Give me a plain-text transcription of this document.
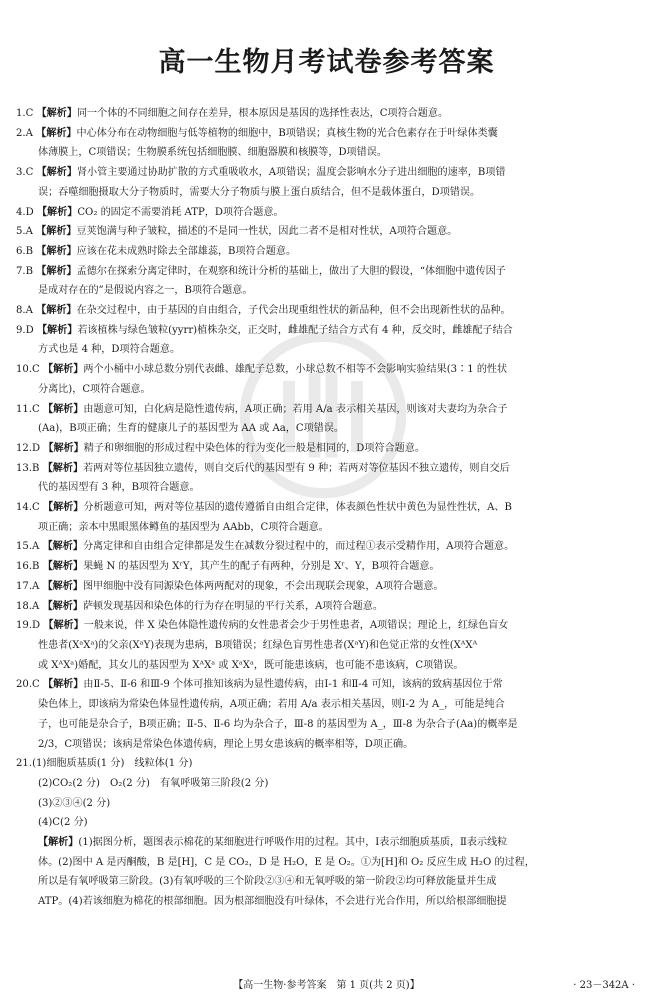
高一生物月考试卷参考答案
1.C 【解析】同一个体的不同细胞之间存在差异，根本原因是基因的选择性表达，C项符合题意。
2.A 【解析】中心体分布在动物细胞与低等植物的细胞中，B项错误；真核生物的光合色素存在于叶绿体类囊
体薄膜上，C项错误；生物膜系统包括细胞膜、细胞器膜和核膜等，D项错误。
3.C 【解析】肾小管主要通过协助扩散的方式重吸收水，A项错误；温度会影响水分子进出细胞的速率，B项错
误；吞噬细胞摄取大分子物质时，需要大分子物质与膜上蛋白质结合，但不是载体蛋白，D项错误。
4.D 【解析】CO₂ 的固定不需要消耗 ATP，D项符合题意。
5.A 【解析】豆荚饱满与种子皱粒，描述的不是同一性状，因此二者不是相对性状，A项符合题意。
6.B 【解析】应该在花未成熟时除去全部雄蕊，B项符合题意。
7.B 【解析】孟德尔在探索分离定律时，在观察和统计分析的基础上，做出了大胆的假设，“体细胞中遗传因子
是成对存在的”是假说内容之一，B项符合题意。
8.A 【解析】在杂交过程中，由于基因的自由组合，子代会出现重组性状的新品种，但不会出现新性状的品种。
9.D 【解析】若该植株与绿色皱粒(yyrr)植株杂交，正交时，雌雄配子结合方式有 4 种，反交时，雌雄配子结合
方式也是 4 种，D项符合题意。
10.C 【解析】两个小桶中小球总数分别代表雌、雄配子总数，小球总数不相等不会影响实验结果(3∶1 的性状
分离比)，C项符合题意。
11.C 【解析】由题意可知，白化病是隐性遗传病，A项正确；若用 A/a 表示相关基因，则该对夫妻均为杂合子
(Aa)，B项正确；生育的健康儿子的基因型为 AA 或 Aa，C项错误。
12.D 【解析】精子和卵细胞的形成过程中染色体的行为变化一般是相同的，D项符合题意。
13.B 【解析】若两对等位基因独立遗传，则自交后代的基因型有 9 种；若两对等位基因不独立遗传，则自交后
代的基因型有 3 种，B项符合题意。
14.C 【解析】分析题意可知，两对等位基因的遗传遵循自由组合定律，体表颜色性状中黄色为显性性状，A、B
项正确；亲本中黑眼黑体鳟鱼的基因型为 AAbb，C项符合题意。
15.A 【解析】分离定律和自由组合定律都是发生在减数分裂过程中的，而过程①表示受精作用，A项符合题意。
16.B 【解析】果蝇 N 的基因型为 XʳY，其产生的配子有两种，分别是 Xʳ、Y，B项符合题意。
17.A 【解析】图甲细胞中没有同源染色体两两配对的现象，不会出现联会现象，A项符合题意。
18.A 【解析】萨顿发现基因和染色体的行为存在明显的平行关系，A项符合题意。
19.D 【解析】一般来说，伴 X 染色体隐性遗传病的女性患者会少于男性患者，A项错误；理论上，红绿色盲女
性患者(XᵃXᵃ)的父亲(XᵃY)表现为患病，B项错误；红绿色盲男性患者(XᵃY)和色觉正常的女性(XᴬXᴬ
或 XᴬXᵃ)婚配，其女儿的基因型为 XᴬXᵃ 或 XᵃXᵃ，既可能患该病，也可能不患该病，C项错误。
20.C 【解析】由Ⅱ-5、Ⅱ-6 和Ⅲ-9 个体可推知该病为显性遗传病，由Ⅰ-1 和Ⅱ-4 可知，该病的致病基因位于常
染色体上，即该病为常染色体显性遗传病，A项正确；若用 A/a 表示相关基因，则Ⅰ-2 为 A_，可能是纯合
子，也可能是杂合子，B项正确；Ⅱ-5、Ⅱ-6 均为杂合子，Ⅲ-8 的基因型为 A_，Ⅲ-8 为杂合子(Aa)的概率是
2/3，C项错误；该病是常染色体遗传病，理论上男女患该病的概率相等，D项正确。
21.(1)细胞质基质(1 分)　线粒体(1 分)
(2)CO₂(2 分)　O₂(2 分)　有氧呼吸第三阶段(2 分)
(3)②③④(2 分)
(4)C(2 分)
【解析】(1)据图分析，题图表示棉花的某细胞进行呼吸作用的过程。其中，Ⅰ表示细胞质基质，Ⅱ表示线粒
体。(2)图中 A 是丙酮酸，B 是[H]，C 是 CO₂，D 是 H₂O，E 是 O₂。①为[H]和 O₂ 反应生成 H₂O 的过程，
所以是有氧呼吸第三阶段。(3)有氧呼吸的三个阶段②③④和无氧呼吸的第一阶段②均可释放能量并生成
ATP。(4)若该细胞为棉花的根部细胞。因为根部细胞没有叶绿体，不会进行光合作用，所以给根部细胞提
【高一生物·参考答案　第 1 页(共 2 页)】	· 23－342A ·
